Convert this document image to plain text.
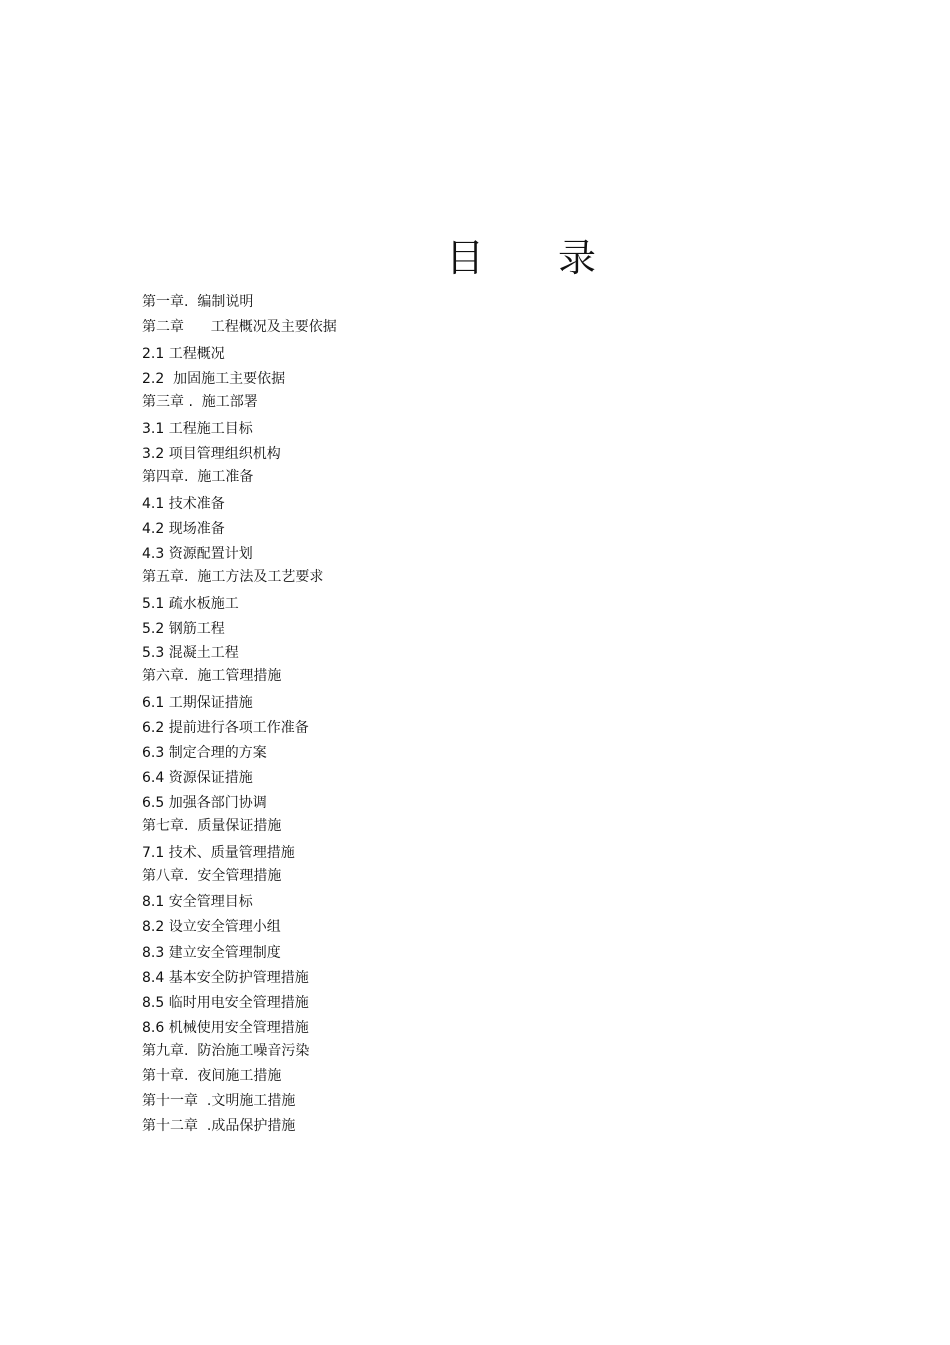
目 录
第一章.  编制说明
第二章      工程概况及主要依据
2.1 工程概况
2.2  加固施工主要依据
第三章 .  施工部署
3.1 工程施工目标
3.2 项目管理组织机构
第四章.  施工准备
4.1 技术准备
4.2 现场准备
4.3 资源配置计划
第五章.  施工方法及工艺要求
5.1 疏水板施工
5.2 钢筋工程
5.3 混凝土工程
第六章.  施工管理措施
6.1 工期保证措施
6.2 提前进行各项工作准备
6.3 制定合理的方案
6.4 资源保证措施
6.5 加强各部门协调
第七章.  质量保证措施
7.1 技术、质量管理措施
第八章.  安全管理措施
8.1 安全管理目标
8.2 设立安全管理小组
8.3 建立安全管理制度
8.4 基本安全防护管理措施
8.5 临时用电安全管理措施
8.6 机械使用安全管理措施
第九章.  防治施工噪音污染
第十章.  夜间施工措施
第十一章  .文明施工措施
第十二章  .成品保护措施
